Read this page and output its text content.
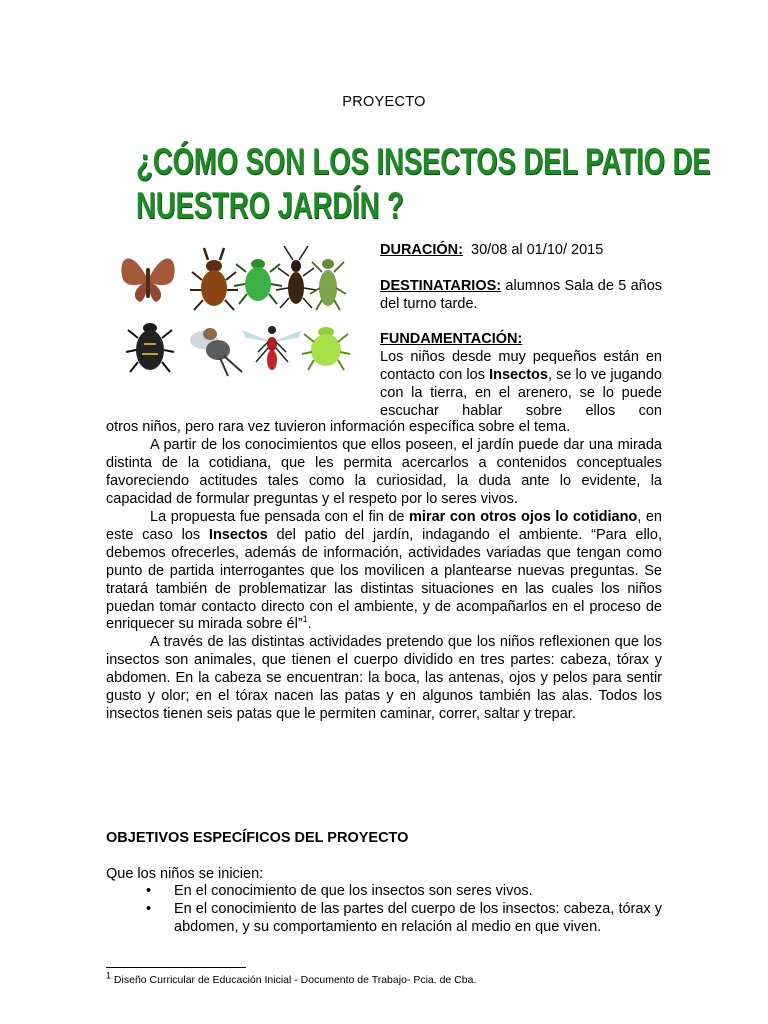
PROYECTO
¿CÓMO SON LOS INSECTOS DEL PATIO DE
NUESTRO JARDÍN ?
DURACIÓN: 30/08 al 01/10/ 2015
DESTINATARIOS: alumnos Sala de 5 años del turno tarde.
FUNDAMENTACIÓN:
Los niños desde muy pequeños están en contacto con los Insectos, se lo ve jugando con la tierra, en el arenero, se lo puede escuchar hablar sobre ellos con
otros niños, pero rara vez tuvieron información específica sobre el tema.
A partir de los conocimientos que ellos poseen, el jardín puede dar una mirada distinta de la cotidiana, que les permita acercarlos a contenidos conceptuales favoreciendo actitudes tales como la curiosidad, la duda ante lo evidente, la capacidad de formular preguntas y el respeto por lo seres vivos.
La propuesta fue pensada con el fin de mirar con otros ojos lo cotidiano, en este caso los Insectos del patio del jardín, indagando el ambiente. “Para ello, debemos ofrecerles, además de información, actividades variadas que tengan como punto de partida interrogantes que los movilicen a plantearse nuevas preguntas. Se tratará también de problematizar las distintas situaciones en las cuales los niños puedan tomar contacto directo con el ambiente, y de acompañarlos en el proceso de enriquecer su mirada sobre él”$^1$.
A través de las distintas actividades pretendo que los niños reflexionen que los insectos son animales, que tienen el cuerpo dividido en tres partes: cabeza, tórax y abdomen. En la cabeza se encuentran: la boca, las antenas, ojos y pelos para sentir gusto y olor; en el tórax nacen las patas y en algunos también las alas. Todos los insectos tienen seis patas que le permiten caminar, correr, saltar y trepar.
OBJETIVOS ESPECÍFICOS DEL PROYECTO
Que los niños se inicien:
• En el conocimiento de que los insectos son seres vivos.
• En el conocimiento de las partes del cuerpo de los insectos: cabeza, tórax y abdomen, y su comportamiento en relación al medio en que viven.
$^1$ Diseño Curricular de Educación Inicial - Documento de Trabajo- Pcia. de Cba.
